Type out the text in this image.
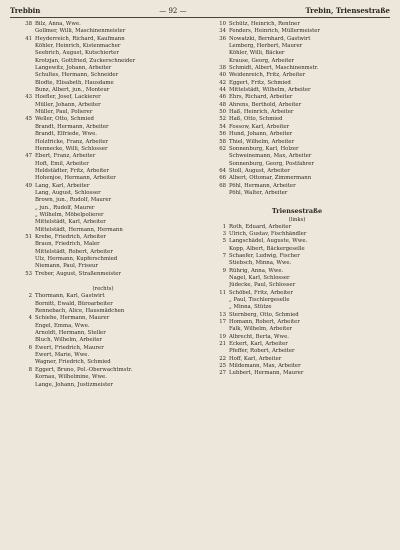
Trebbin	— 92 —	Trebin, Triensestraße
38 Bilz, Anna, Wwe.
Gollmer, Willi, Maschinenmeister
41 Heyderreich, Richard, Kaufmann
Köhler, Heinrich, Kistenmacher
Seebrich, August, Kutschierter
Krotzjan, Gottfried, Zuckerschneider
Langewitz, Johann, Arbeiter
Schultes, Hermann, Schneider
Blodte, Elisabeth, Hausdame
Bunz, Albert, jun., Monteur
43 Hoefler, Josef, Lackierer
Müller, Johann, Arbeiter
Müller, Paul, Polierer
45 Weller, Otto, Schmied
Brandt, Hermann, Arbeiter
Brandt, Elfriede, Wwe.
Holzfricke, Franz, Arbeiter
Hennecke, Willi, Schlosser
47 Ebert, Franz, Arbeiter
Hoft, Emil, Arbeiter
Heldstädter, Fritz, Arbeiter
Hohenjoe, Hermann, Arbeiter
49 Lang, Karl, Arbeiter
Lang, August, Schlosser
Brown, jun., Rudolf, Maurer
„ jun., Rudolf, Maurer
„ Wilhelm, Möbelpolierer
Mittelstädt, Karl, Arbeiter
Mittelstädt, Hermann, Hermann
51 Krebe, Friedrich, Arbeiter
Braun, Friedrich, Maler
Mittelstädt, Robert, Arbeiter
Ulz, Hermann, Kupferschmied
Niemann, Paul, Friseur
53 Treber, August, Straßenmeister
(rechts)
2 Thormann, Karl, Gastwirt
Bornitt, Ewald, Büroarbeiter
Rennebach, Alice, Hausmädchen
4 Schiehe, Hermann, Maurer
Engel, Emma, Wwe.
Arnoldt, Hermann, Steller
Bluch, Wilhelm, Arbeiter
6 Ewert, Friedrich, Maurer
Ewert, Marie, Wwe.
Wagner, Friedrich, Schmied
8 Eggert, Bruno, Pol.-Oberwachtmstr.
Kornau, Wilhelmine, Wwe.
Lange, Johann, Justizmeister
10 Schütz, Heinrich, Rentner
34 Fenders, Heinrich, Müllermeister
36 Nowatzki, Bernhard, Gastwirt
Lemberg, Herbert, Maurer
Köhler, Willi, Bäcker
Krause, Georg, Arbeiter
38 Schmidt, Albert, Maschinenmstr.
40 Weidenreich, Fritz, Arbeiter
42 Eggert, Fritz, Schmied
44 Mittelstädt, Wilhelm, Arbeiter
46 Ehrs, Richard, Arbeiter
48 Ahrens, Berthold, Arbeiter
50 Haß, Heinrich, Arbeiter
52 Haß, Otto, Schmied
54 Fossow, Karl, Arbeiter
56 Hund, Johann, Arbeiter
58 Thiel, Wilhelm, Arbeiter
62 Sonnenburg, Karl, Holzer
Schweinemann, Max, Arbeiter
Sonnenburg, Georg, Postfahrer
64 Stoll, August, Arbeiter
66 Albert, Ottomar, Zimmermann
68 Pöhl, Hermann, Arbeiter
Pöhl, Walter, Arbeiter
Triensestraße
(links)
1 Roth, Eduard, Arbeiter
3 Ulrich, Gustav, Fischhändler
5 Langschädel, Auguste, Wwe.
Kopp, Albert, Bäckergeselle
7 Schaefer, Ludwig, Fischer
Stiebsch, Minna, Wwe.
9 Rührig, Anna, Wwe.
Nagel, Karl, Schlosser
Jüdecke, Paul, Schlosser
11 Schöbel, Fritz, Arbeiter
„ Paul, Tischlergeselle
„ Minna, Stütze
13 Sternberg, Otto, Schmied
17 Homann, Robert, Arbeiter
Falk, Wilhelm, Arbeiter
19 Albrecht, Berta, Wwe.
21 Eckert, Karl, Arbeiter
Pfeffer, Robert, Arbeiter
22 Hoff, Karl, Arbeiter
25 Mildemann, Max, Arbeiter
27 Lubbert, Hermann, Maurer
